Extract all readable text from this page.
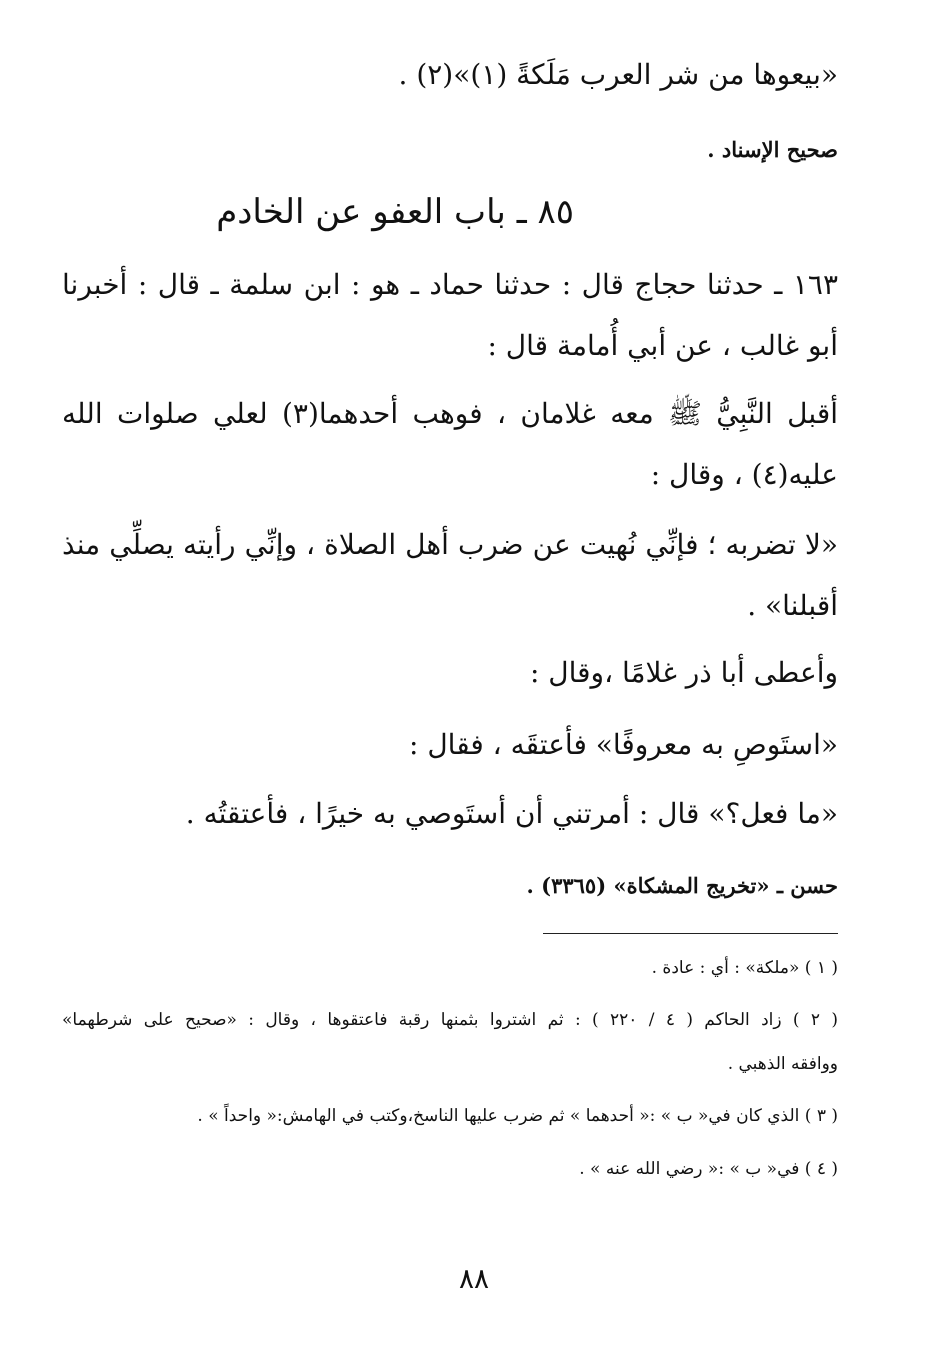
«بيعوها من شر العرب مَلَكةً (١)»(٢) .
صحيح الإسناد .
٨٥ ـ باب العفو عن الخادم
١٦٣ ـ حدثنا حجاج قال : حدثنا حماد ـ هو : ابن سلمة ـ قال : أخبرنا
أبو غالب ، عن أبي أُمامة قال :
أقبل النَّبِيُّ ﷺ معه غلامان ، فوهب أحدهما(٣) لعلي صلوات الله
عليه(٤) ، وقال :
«لا تضربه ؛ فإنِّي نُهيت عن ضرب أهل الصلاة ، وإنِّي رأيته يصلِّي منذ
أقبلنا» .
وأعطى أبا ذر غلامًا ،وقال :
«استَوصِ به معروفًا» فأعتقَه ، فقال :
«ما فعل؟» قال : أمرتني أن أستَوصي به خيرًا ، فأعتقتُه .
حسن ـ «تخريج المشكاة» (٣٣٦٥) .
( ١ ) «ملكة» : أي : عادة .
( ٢ ) زاد الحاكم ( ٤ / ٢٢٠ ) : ثم اشتروا بثمنها رقبة فاعتقوها ، وقال : «صحيح على شرطهما»
ووافقه الذهبي .
( ٣ ) الذي كان في« ب » :« أحدهما » ثم ضرب عليها الناسخ،وكتب في الهامش:« واحداً » .
( ٤ ) في« ب » :« رضي الله عنه » .
٨٨
